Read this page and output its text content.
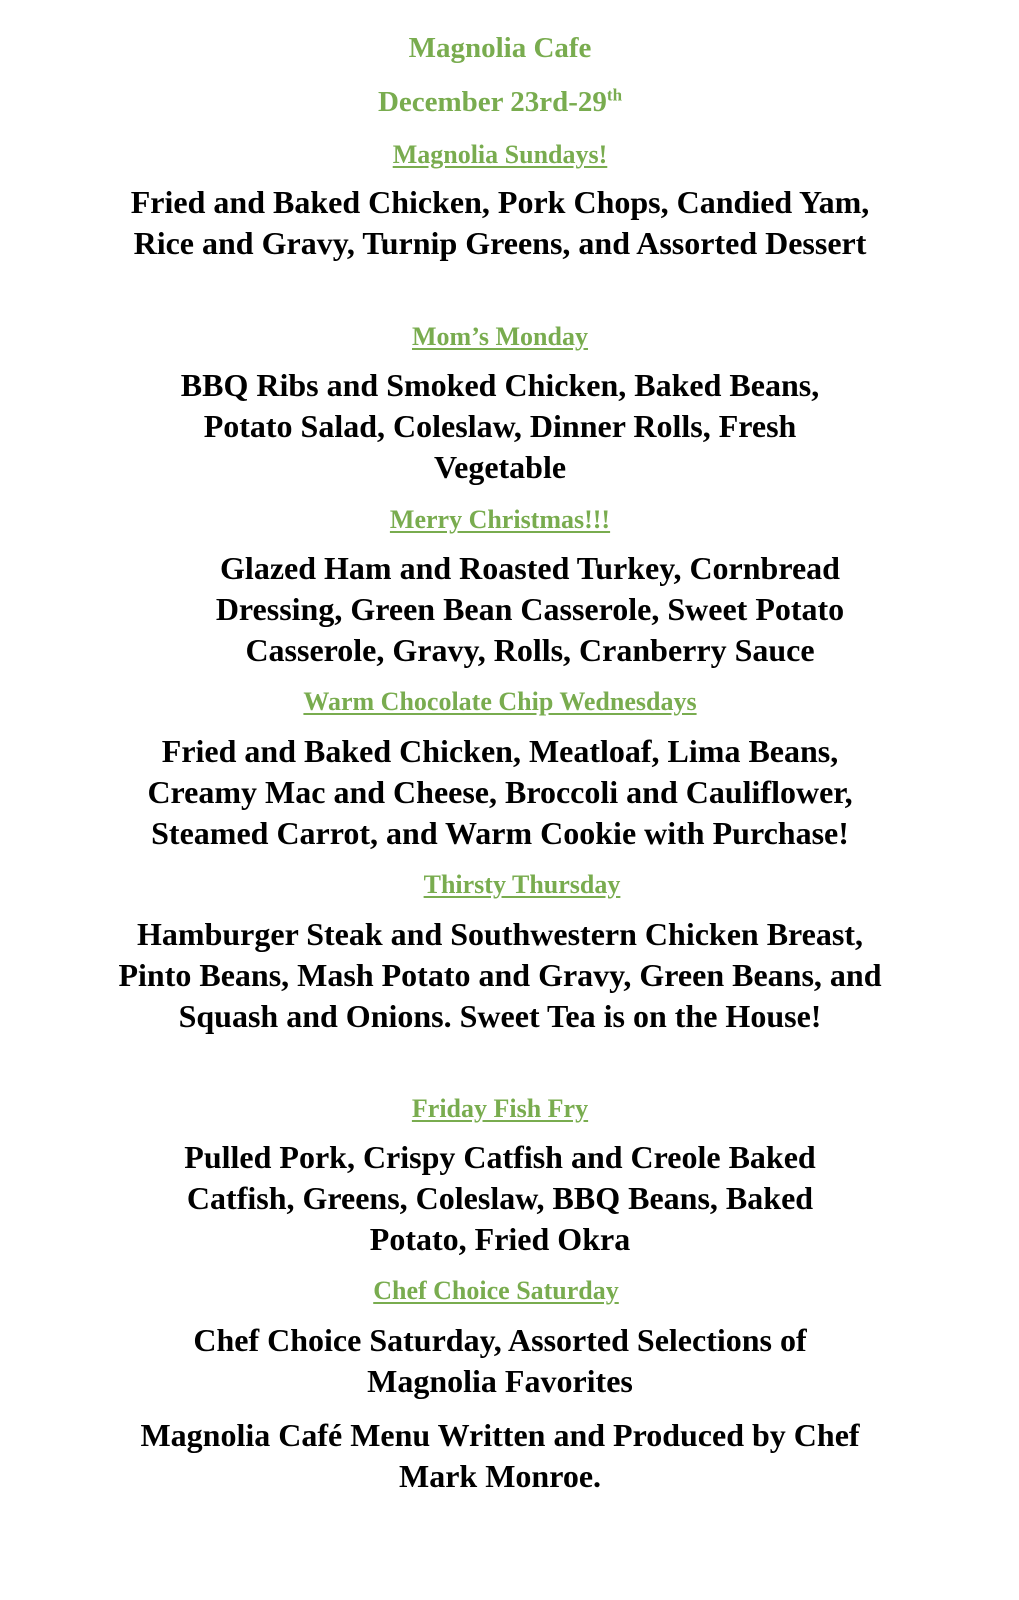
Magnolia Cafe

December 23rd-29th

Magnolia Sundays!

Fried and Baked Chicken, Pork Chops, Candied Yam, Rice and Gravy, Turnip Greens, and Assorted Dessert

Mom’s Monday

BBQ Ribs and Smoked Chicken, Baked Beans, Potato Salad, Coleslaw, Dinner Rolls, Fresh Vegetable

Merry Christmas!!!

Glazed Ham and Roasted Turkey, Cornbread Dressing, Green Bean Casserole, Sweet Potato Casserole, Gravy, Rolls, Cranberry Sauce

Warm Chocolate Chip Wednesdays

Fried and Baked Chicken, Meatloaf, Lima Beans, Creamy Mac and Cheese, Broccoli and Cauliflower, Steamed Carrot, and Warm Cookie with Purchase!

Thirsty Thursday

Hamburger Steak and Southwestern Chicken Breast, Pinto Beans, Mash Potato and Gravy, Green Beans, and Squash and Onions. Sweet Tea is on the House!

Friday Fish Fry

Pulled Pork, Crispy Catfish and Creole Baked Catfish, Greens, Coleslaw, BBQ Beans, Baked Potato, Fried Okra

Chef Choice Saturday

Chef Choice Saturday, Assorted Selections of Magnolia Favorites

Magnolia Café Menu Written and Produced by Chef Mark Monroe.
